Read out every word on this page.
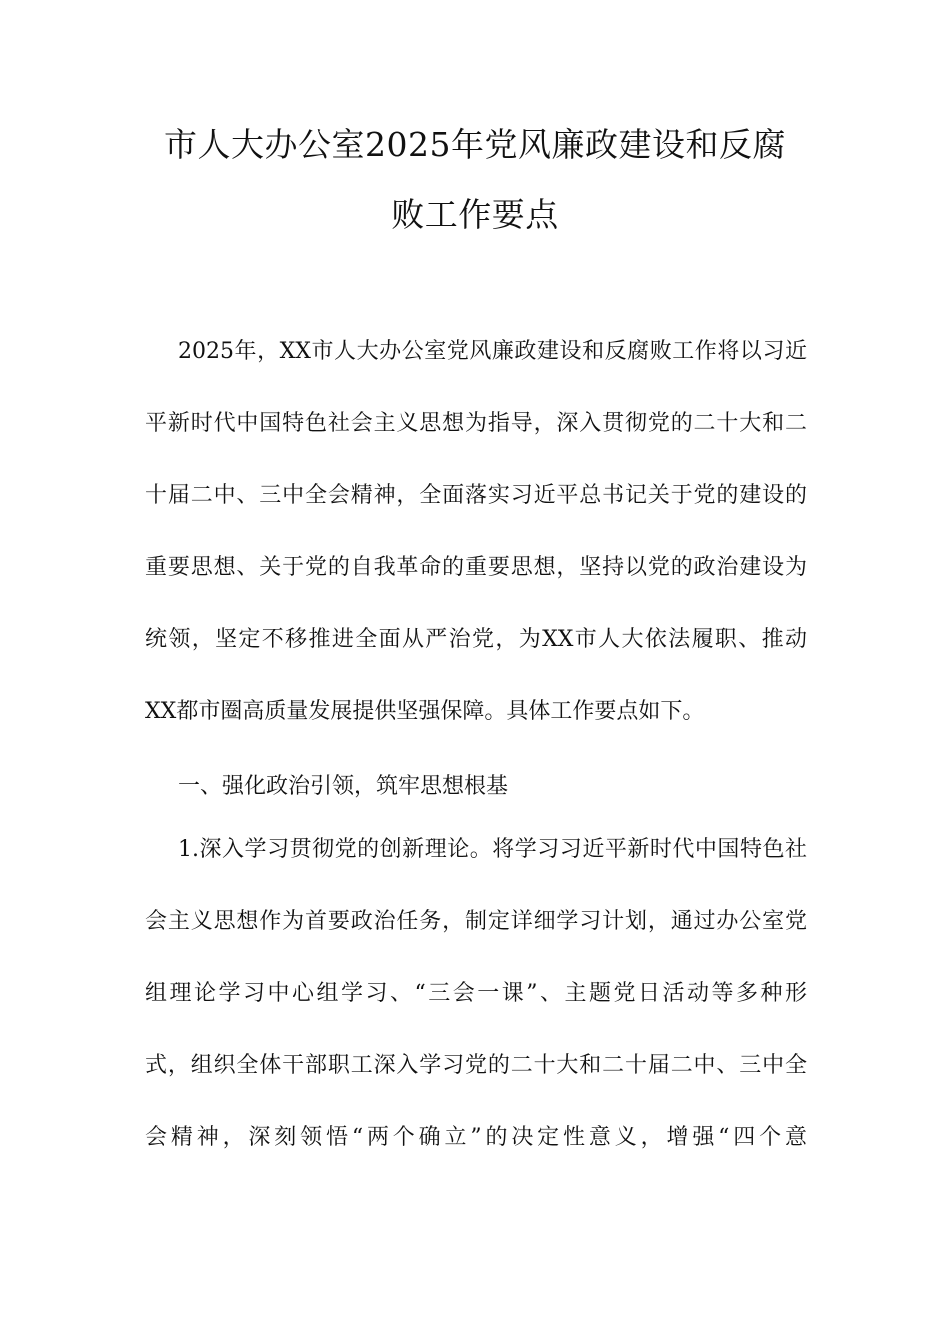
市人大办公室2025年党风廉政建设和反腐
败工作要点
2025年，XX市人大办公室党风廉政建设和反腐败工作将以习近
平新时代中国特色社会主义思想为指导，深入贯彻党的二十大和二
十届二中、三中全会精神，全面落实习近平总书记关于党的建设的
重要思想、关于党的自我革命的重要思想，坚持以党的政治建设为
统领，坚定不移推进全面从严治党，为XX市人大依法履职、推动
XX都市圈高质量发展提供坚强保障。具体工作要点如下。
一、强化政治引领，筑牢思想根基
1.深入学习贯彻党的创新理论。将学习习近平新时代中国特色社
会主义思想作为首要政治任务，制定详细学习计划，通过办公室党
组理论学习中心组学习、“三会一课”、主题党日活动等多种形
式，组织全体干部职工深入学习党的二十大和二十届二中、三中全
会精神，深刻领悟“两个确立”的决定性意义，增强“四个意
